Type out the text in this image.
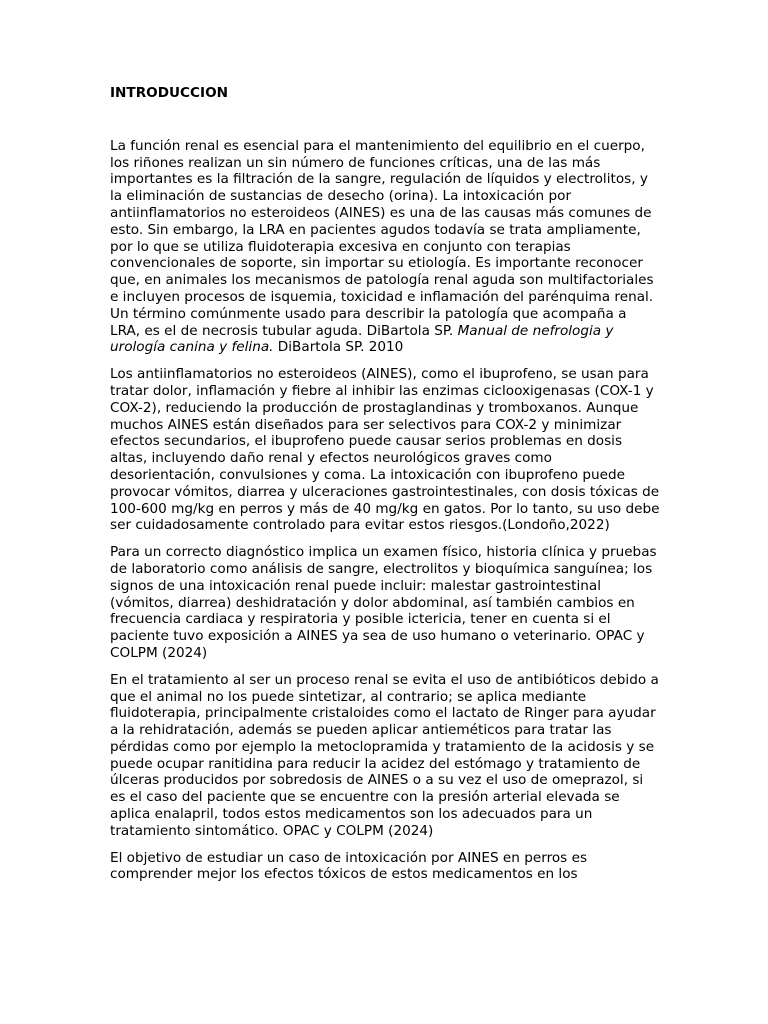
INTRODUCCION

La función renal es esencial para el mantenimiento del equilibrio en el cuerpo, los riñones realizan un sin número de funciones críticas, una de las más importantes es la filtración de la sangre, regulación de líquidos y electrolitos, y la eliminación de sustancias de desecho (orina). La intoxicación por antiinflamatorios no esteroideos (AINES) es una de las causas más comunes de esto. Sin embargo, la LRA en pacientes agudos todavía se trata ampliamente, por lo que se utiliza fluidoterapia excesiva en conjunto con terapias convencionales de soporte, sin importar su etiología. Es importante reconocer que, en animales los mecanismos de patología renal aguda son multifactoriales e incluyen procesos de isquemia, toxicidad e inflamación del parénquima renal. Un término comúnmente usado para describir la patología que acompaña a LRA, es el de necrosis tubular aguda. DiBartola SP. Manual de nefrologia y urología canina y felina. DiBartola SP. 2010

Los antiinflamatorios no esteroideos (AINES), como el ibuprofeno, se usan para tratar dolor, inflamación y fiebre al inhibir las enzimas ciclooxigenasas (COX-1 y COX-2), reduciendo la producción de prostaglandinas y tromboxanos. Aunque muchos AINES están diseñados para ser selectivos para COX-2 y minimizar efectos secundarios, el ibuprofeno puede causar serios problemas en dosis altas, incluyendo daño renal y efectos neurológicos graves como desorientación, convulsiones y coma. La intoxicación con ibuprofeno puede provocar vómitos, diarrea y ulceraciones gastrointestinales, con dosis tóxicas de 100-600 mg/kg en perros y más de 40 mg/kg en gatos. Por lo tanto, su uso debe ser cuidadosamente controlado para evitar estos riesgos.(Londoño,2022)

Para un correcto diagnóstico implica un examen físico, historia clínica y pruebas de laboratorio como análisis de sangre, electrolitos y bioquímica sanguínea; los signos de una intoxicación renal puede incluir: malestar gastrointestinal (vómitos, diarrea) deshidratación y dolor abdominal, así también cambios en frecuencia cardiaca y respiratoria y posible ictericia, tener en cuenta si el paciente tuvo exposición a AINES ya sea de uso humano o veterinario. OPAC y COLPM (2024)

En el tratamiento al ser un proceso renal se evita el uso de antibióticos debido a que el animal no los puede sintetizar, al contrario; se aplica mediante fluidoterapia, principalmente cristaloides como el lactato de Ringer para ayudar a la rehidratación, además se pueden aplicar antieméticos para tratar las pérdidas como por ejemplo la metoclopramida y tratamiento de la acidosis y se puede ocupar ranitidina para reducir la acidez del estómago y tratamiento de úlceras producidos por sobredosis de AINES o a su vez el uso de omeprazol, si es el caso del paciente que se encuentre con la presión arterial elevada se aplica enalapril, todos estos medicamentos son los adecuados para un tratamiento sintomático. OPAC y COLPM (2024)

El objetivo de estudiar un caso de intoxicación por AINES en perros es comprender mejor los efectos tóxicos de estos medicamentos en los
